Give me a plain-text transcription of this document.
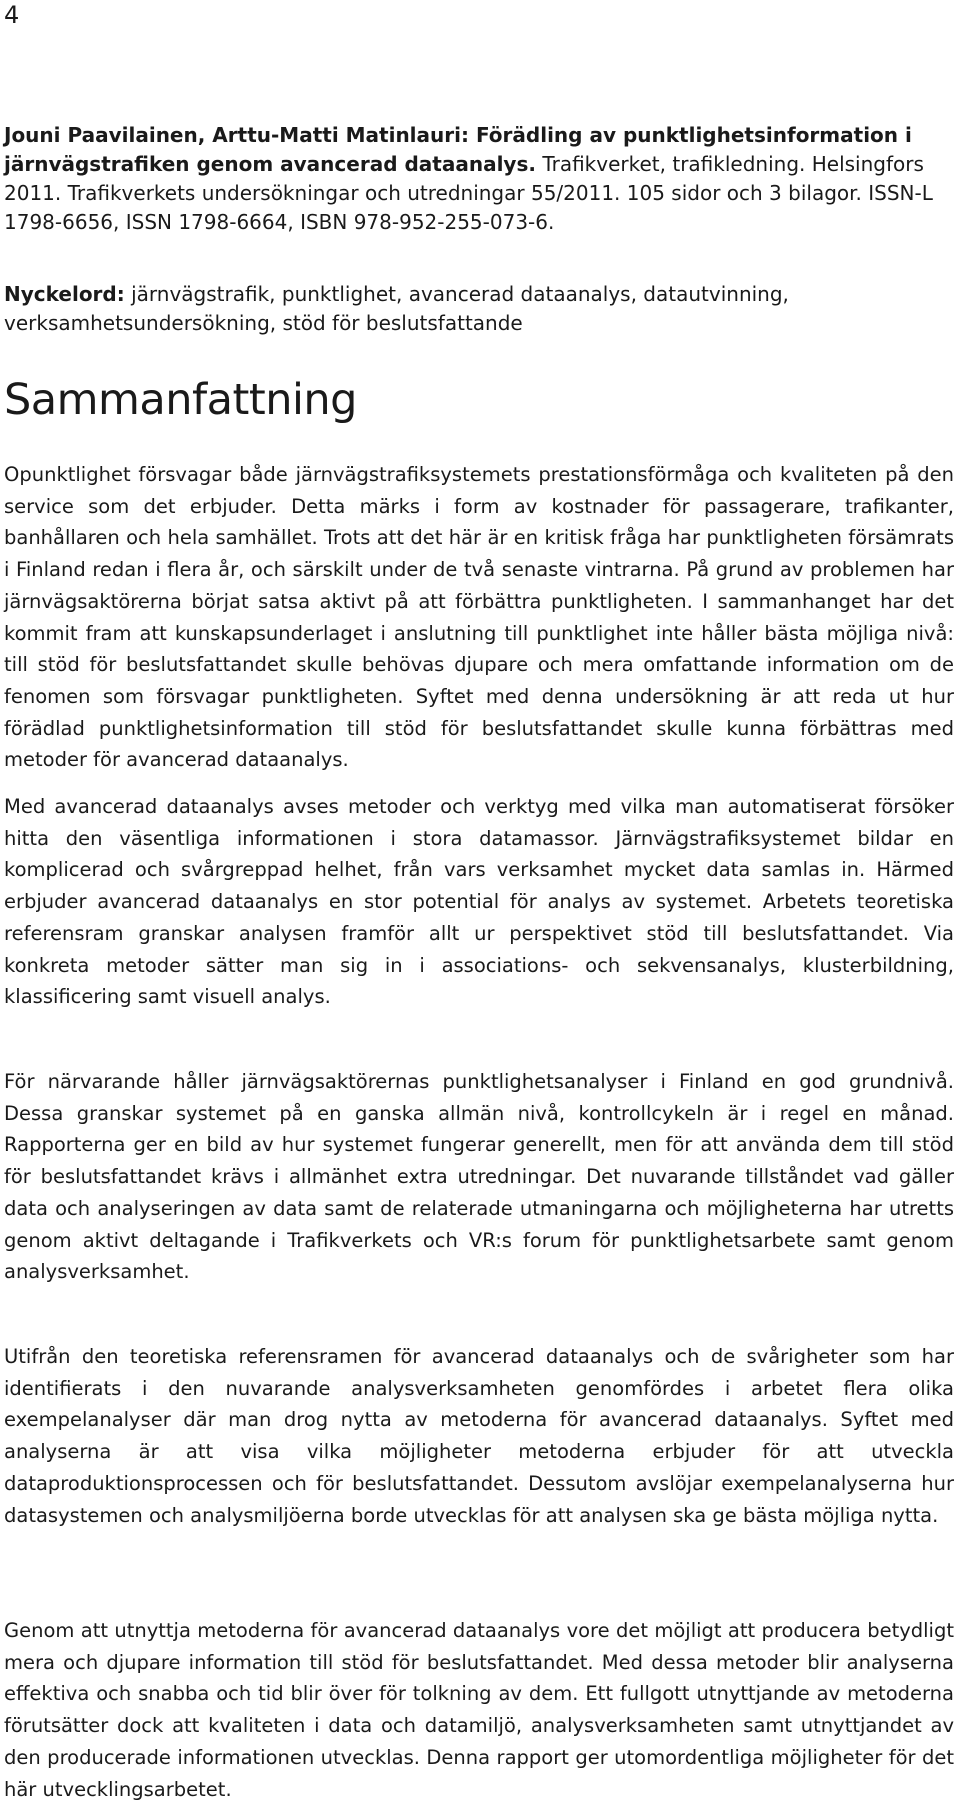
4

Jouni Paavilainen, Arttu-Matti Matinlauri: Förädling av punktlighetsinformation i järnvägstrafiken genom avancerad dataanalys. Trafikverket, trafikledning. Helsingfors 2011. Trafikverkets undersökningar och utredningar 55/2011. 105 sidor och 3 bilagor. ISSN-L 1798-6656, ISSN 1798-6664, ISBN 978-952-255-073-6.

Nyckelord: järnvägstrafik, punktlighet, avancerad dataanalys, datautvinning, verksamhetsundersökning, stöd för beslutsfattande

Sammanfattning

Opunktlighet försvagar både järnvägstrafiksystemets prestationsförmåga och kvaliteten på den service som det erbjuder. Detta märks i form av kostnader för passagerare, trafikanter, banhållaren och hela samhället. Trots att det här är en kritisk fråga har punktligheten försämrats i Finland redan i flera år, och särskilt under de två senaste vintrarna. På grund av problemen har järnvägsaktörerna börjat satsa aktivt på att förbättra punktligheten. I sammanhanget har det kommit fram att kunskapsunderlaget i anslutning till punktlighet inte håller bästa möjliga nivå: till stöd för beslutsfattandet skulle behövas djupare och mera omfattande information om de fenomen som försvagar punktligheten. Syftet med denna undersökning är att reda ut hur förädlad punktlighetsinformation till stöd för beslutsfattandet skulle kunna förbättras med metoder för avancerad dataanalys.

Med avancerad dataanalys avses metoder och verktyg med vilka man automatiserat försöker hitta den väsentliga informationen i stora datamassor. Järnvägstrafiksystemet bildar en komplicerad och svårgreppad helhet, från vars verksamhet mycket data samlas in. Härmed erbjuder avancerad dataanalys en stor potential för analys av systemet. Arbetets teoretiska referensram granskar analysen framför allt ur perspektivet stöd till beslutsfattandet. Via konkreta metoder sätter man sig in i associations- och sekvensanalys, klusterbildning, klassificering samt visuell analys.

För närvarande håller järnvägsaktörernas punktlighetsanalyser i Finland en god grundnivå. Dessa granskar systemet på en ganska allmän nivå, kontrollcykeln är i regel en månad. Rapporterna ger en bild av hur systemet fungerar generellt, men för att använda dem till stöd för beslutsfattandet krävs i allmänhet extra utredningar. Det nuvarande tillståndet vad gäller data och analyseringen av data samt de relaterade utmaningarna och möjligheterna har utretts genom aktivt deltagande i Trafikverkets och VR:s forum för punktlighetsarbete samt genom analysverksamhet.

Utifrån den teoretiska referensramen för avancerad dataanalys och de svårigheter som har identifierats i den nuvarande analysverksamheten genomfördes i arbetet flera olika exempelanalyser där man drog nytta av metoderna för avancerad dataanalys. Syftet med analyserna är att visa vilka möjligheter metoderna erbjuder för att utveckla dataproduktionsprocessen och för beslutsfattandet. Dessutom avslöjar exempelanalyserna hur datasystemen och analysmiljöerna borde utvecklas för att analysen ska ge bästa möjliga nytta.

Genom att utnyttja metoderna för avancerad dataanalys vore det möjligt att producera betydligt mera och djupare information till stöd för beslutsfattandet. Med dessa metoder blir analyserna effektiva och snabba och tid blir över för tolkning av dem. Ett fullgott utnyttjande av metoderna förutsätter dock att kvaliteten i data och datamiljö, analysverksamheten samt utnyttjandet av den producerade informationen utvecklas. Denna rapport ger utomordentliga möjligheter för det här utvecklingsarbetet.
